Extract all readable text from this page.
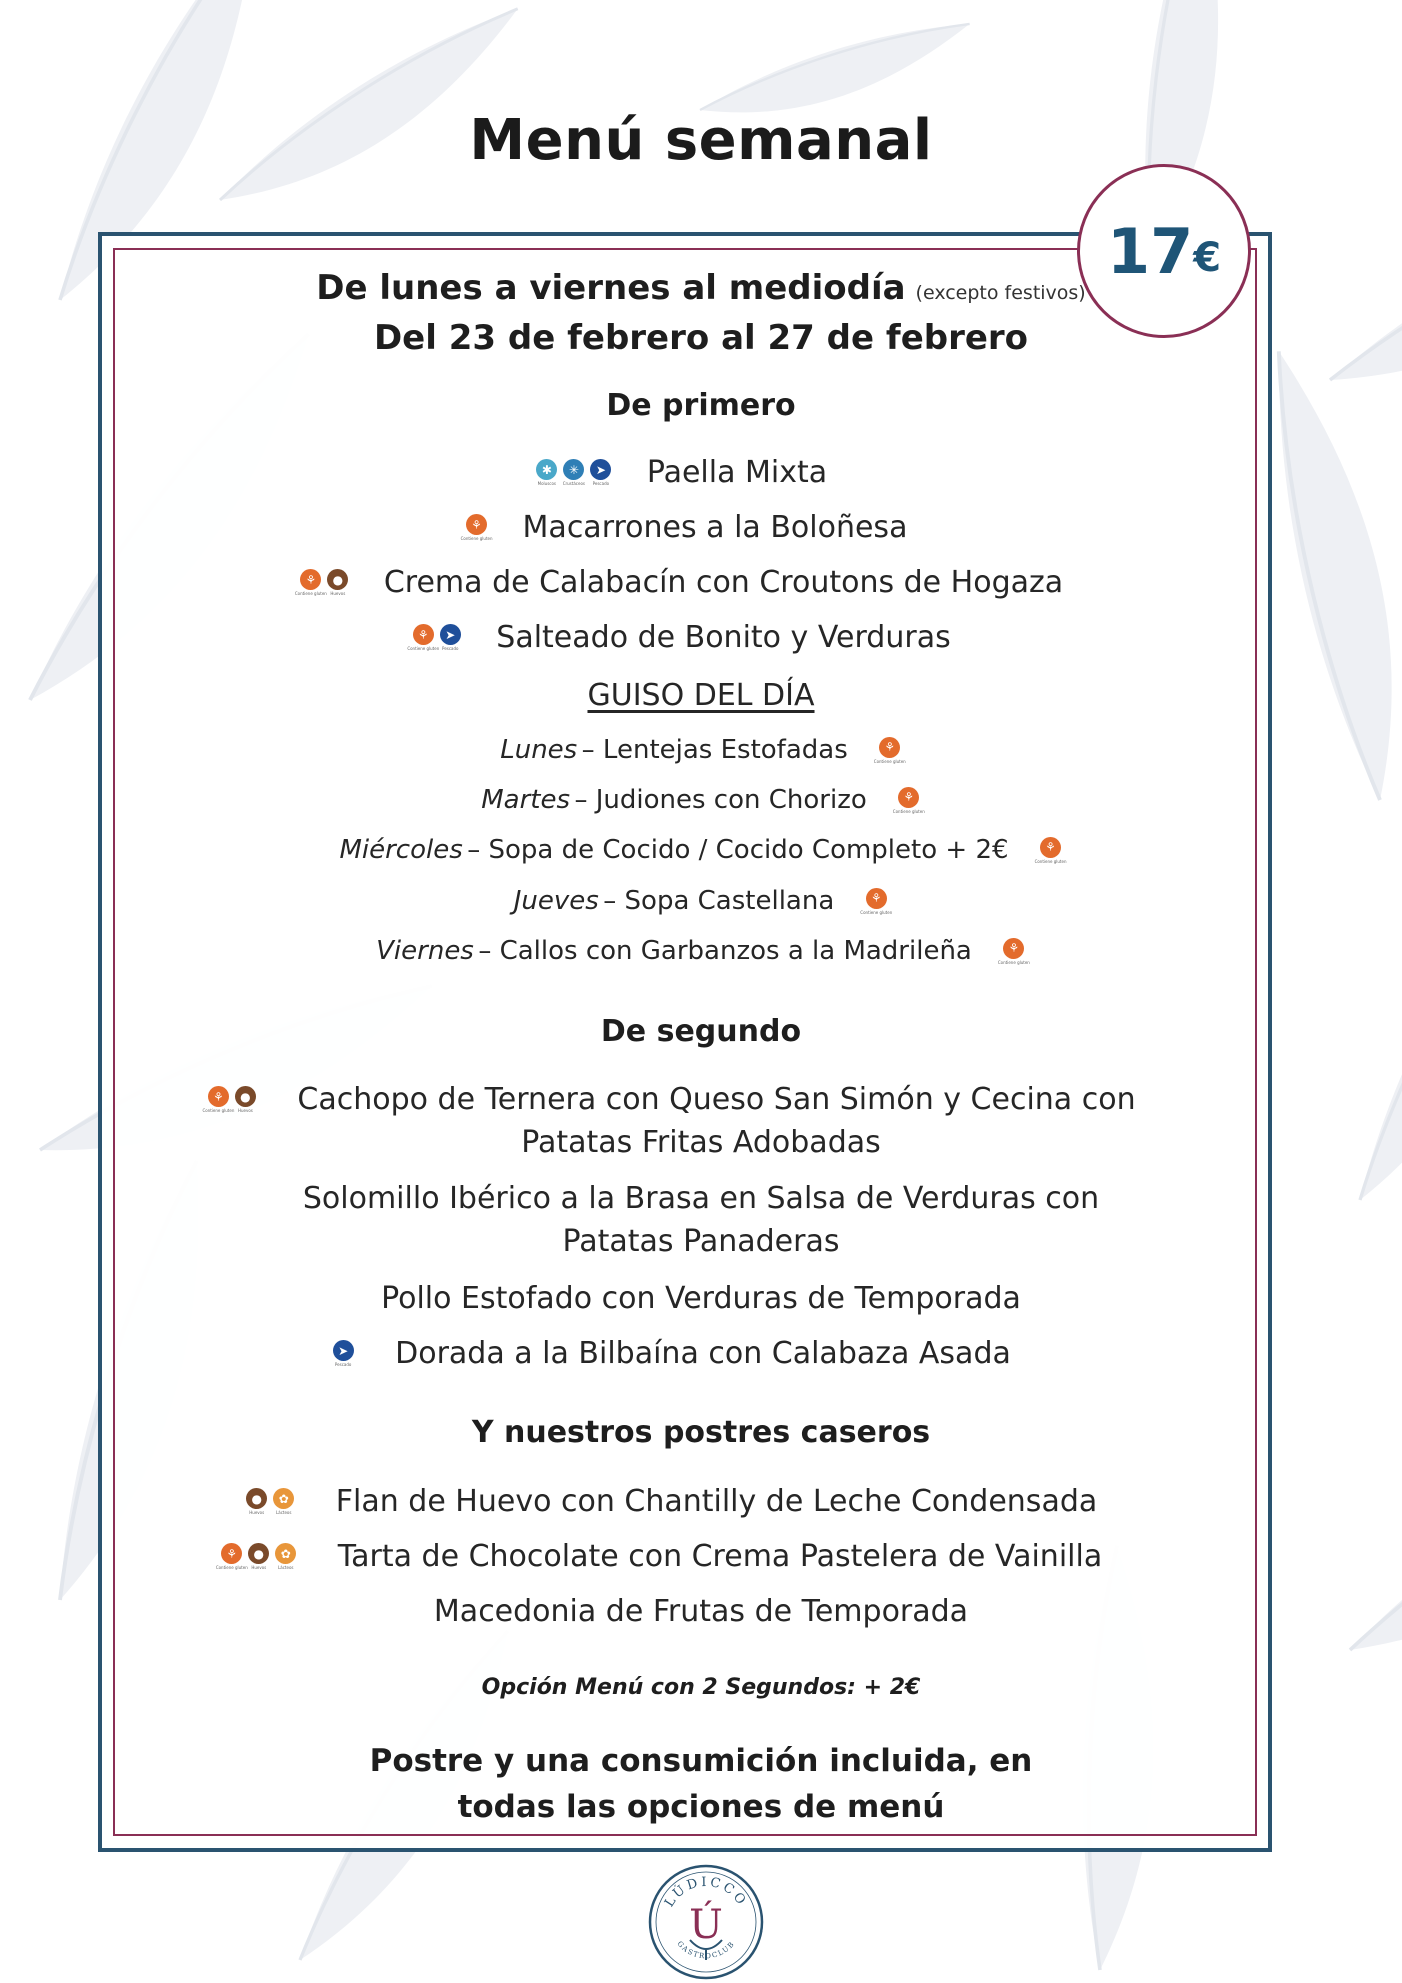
Menú semanal
17 €
De lunes a viernes al mediodía (excepto festivos)
Del 23 de febrero al 27 de febrero
De primero
✱
Moluscos
✳
Crustáceos
➤
Pescado Paella Mixta
⚘
Contiene gluten Macarrones a la Boloñesa
⚘
Contiene gluten
●
Huevos Crema de Calabacín con Croutons de Hogaza
⚘
Contiene gluten
➤
Pescado Salteado de Bonito y Verduras
GUISO DEL DÍA
Lunes
– Lentejas Estofadas	⚘
Contiene gluten
Martes
– Judiones con Chorizo	⚘
Contiene gluten
Miércoles
– Sopa de Cocido / Cocido Completo + 2€	⚘
Contiene gluten
Jueves
– Sopa Castellana	⚘
Contiene gluten
Viernes
– Callos con Garbanzos a la Madrileña	⚘
Contiene gluten
De segundo
⚘
Contiene gluten
●
Huevos Cachopo de Ternera con Queso San Simón y Cecina con
Patatas Fritas Adobadas
Solomillo Ibérico a la Brasa en Salsa de Verduras con
Patatas Panaderas
Pollo Estofado con Verduras de Temporada
➤
Pescado Dorada a la Bilbaína con Calabaza Asada
Y nuestros postres caseros
●
Huevos
✿
Lácteos Flan de Huevo con Chantilly de Leche Condensada
⚘
Contiene gluten
●
Huevos
✿
Lácteos Tarta de Chocolate con Crema Pastelera de Vainilla
Macedonia de Frutas de Temporada
Opción Menú con 2 Segundos: + 2€
Postre y una consumición incluida, en
todas las opciones de menú
LÚDICCO
Ú
GASTROCLUB
